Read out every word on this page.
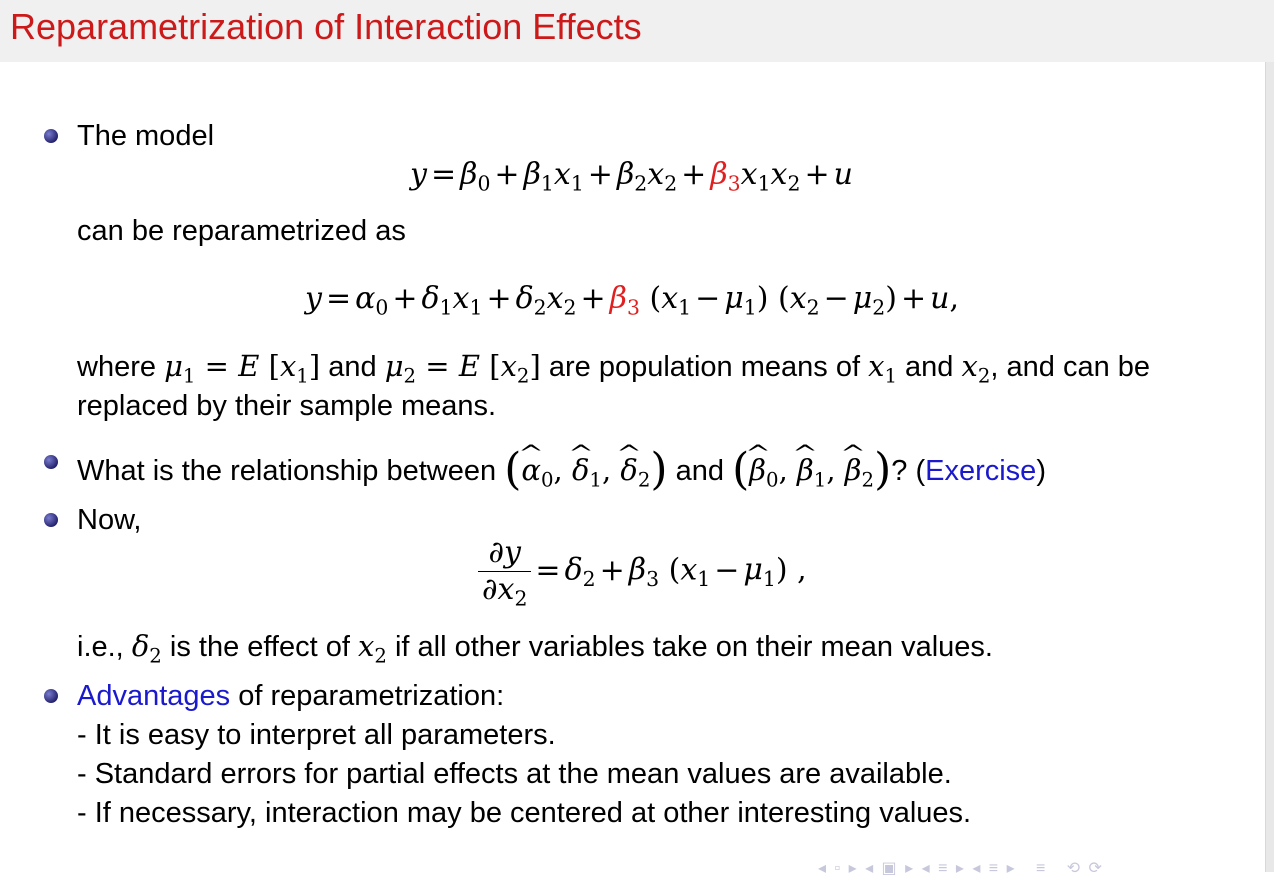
Reparametrization of Interaction Effects
The model
$y = \beta_0 + \beta_1x_1 + \beta_2x_2 + \beta_3x_1x_2 + u$
can be reparametrized as
$y = \alpha_0 + \delta_1x_1 + \delta_2x_2 + \beta_3$ $(x_1 - \mu_1) (x_2 - \mu_2) + u$,
where $\mu_1 = E$ $[x_1]$ and $\mu_2 = E$ $[x_2]$ are population means of $x_1$ and $x_2$, and can be
replaced by their sample means.
What is the relationship between (^ $\alpha_0$, ^ $\delta_1$, ^ $\delta_2$) and (^ $\beta_0$, ^ $\beta_1$, ^ $\beta_2$)? (Exercise)
Now,
$\frac{\partial y}{\partial x_2} = \delta_2 + \beta_3$ $(x_1 - \mu_1)$ ,
i.e., $\delta_2$ is the effect of $x_2$ if all other variables take on their mean values.
Advantages of reparametrization:
- It is easy to interpret all parameters.
- Standard errors for partial effects at the mean values are available.
- If necessary, interaction may be centered at other interesting values.
◂ ▫ ▸ ◂ ▣ ▸ ◂ ≡ ▸ ◂ ≡ ▸   ≡   ⟲ ⟳
